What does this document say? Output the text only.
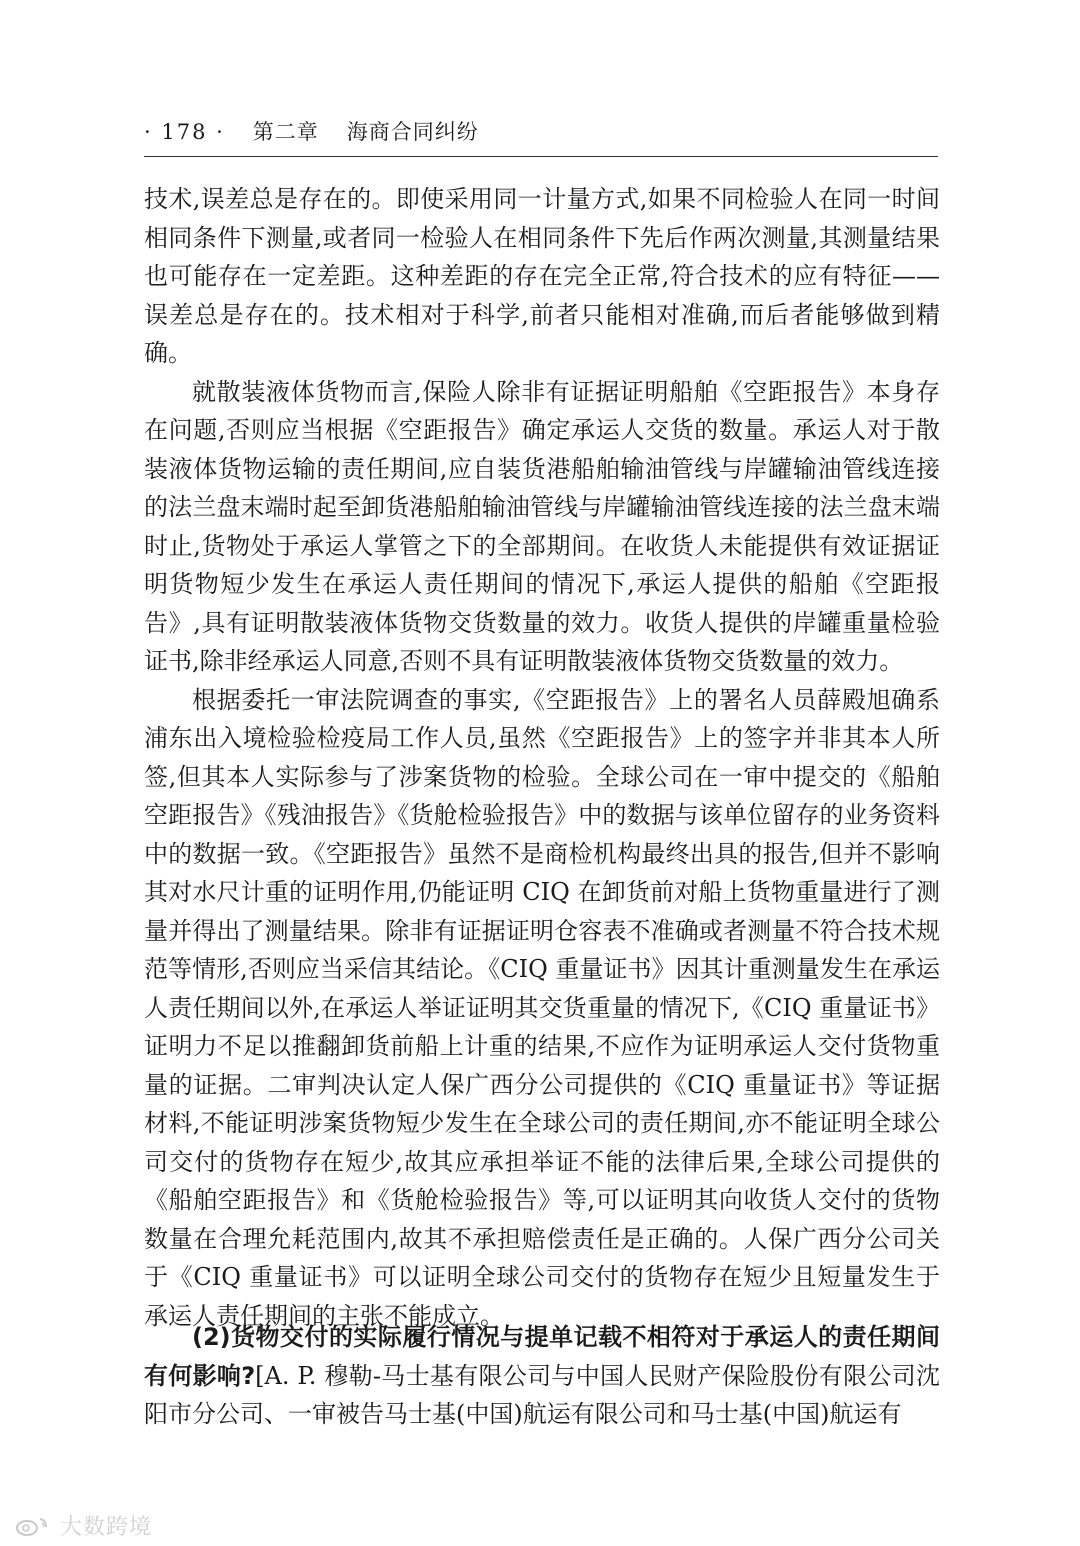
· 178 · 第二章 海商合同纠纷

技术,误差总是存在的。即使采用同一计量方式,如果不同检验人在同一时间相同条件下测量,或者同一检验人在相同条件下先后作两次测量,其测量结果也可能存在一定差距。这种差距的存在完全正常,符合技术的应有特征——误差总是存在的。技术相对于科学,前者只能相对准确,而后者能够做到精确。

就散装液体货物而言,保险人除非有证据证明船舶《空距报告》本身存在问题,否则应当根据《空距报告》确定承运人交货的数量。承运人对于散装液体货物运输的责任期间,应自装货港船舶输油管线与岸罐输油管线连接的法兰盘末端时起至卸货港船舶输油管线与岸罐输油管线连接的法兰盘末端时止,货物处于承运人掌管之下的全部期间。在收货人未能提供有效证据证明货物短少发生在承运人责任期间的情况下,承运人提供的船舶《空距报告》,具有证明散装液体货物交货数量的效力。收货人提供的岸罐重量检验证书,除非经承运人同意,否则不具有证明散装液体货物交货数量的效力。

根据委托一审法院调查的事实,《空距报告》上的署名人员薛殿旭确系浦东出入境检验检疫局工作人员,虽然《空距报告》上的签字并非其本人所签,但其本人实际参与了涉案货物的检验。全球公司在一审中提交的《船舶空距报告》《残油报告》《货舱检验报告》中的数据与该单位留存的业务资料中的数据一致。《空距报告》虽然不是商检机构最终出具的报告,但并不影响其对水尺计重的证明作用,仍能证明 CIQ 在卸货前对船上货物重量进行了测量并得出了测量结果。除非有证据证明仓容表不准确或者测量不符合技术规范等情形,否则应当采信其结论。《CIQ 重量证书》因其计重测量发生在承运人责任期间以外,在承运人举证证明其交货重量的情况下,《CIQ 重量证书》证明力不足以推翻卸货前船上计重的结果,不应作为证明承运人交付货物重量的证据。二审判决认定人保广西分公司提供的《CIQ 重量证书》等证据材料,不能证明涉案货物短少发生在全球公司的责任期间,亦不能证明全球公司交付的货物存在短少,故其应承担举证不能的法律后果,全球公司提供的《船舶空距报告》和《货舱检验报告》等,可以证明其向收货人交付的货物数量在合理允耗范围内,故其不承担赔偿责任是正确的。人保广西分公司关于《CIQ 重量证书》可以证明全球公司交付的货物存在短少且短量发生于承运人责任期间的主张不能成立。

(2)货物交付的实际履行情况与提单记载不相符对于承运人的责任期间有何影响?[A. P. 穆勒-马士基有限公司与中国人民财产保险股份有限公司沈阳市分公司、一审被告马士基(中国)航运有限公司和马士基(中国)航运有
大数跨境
